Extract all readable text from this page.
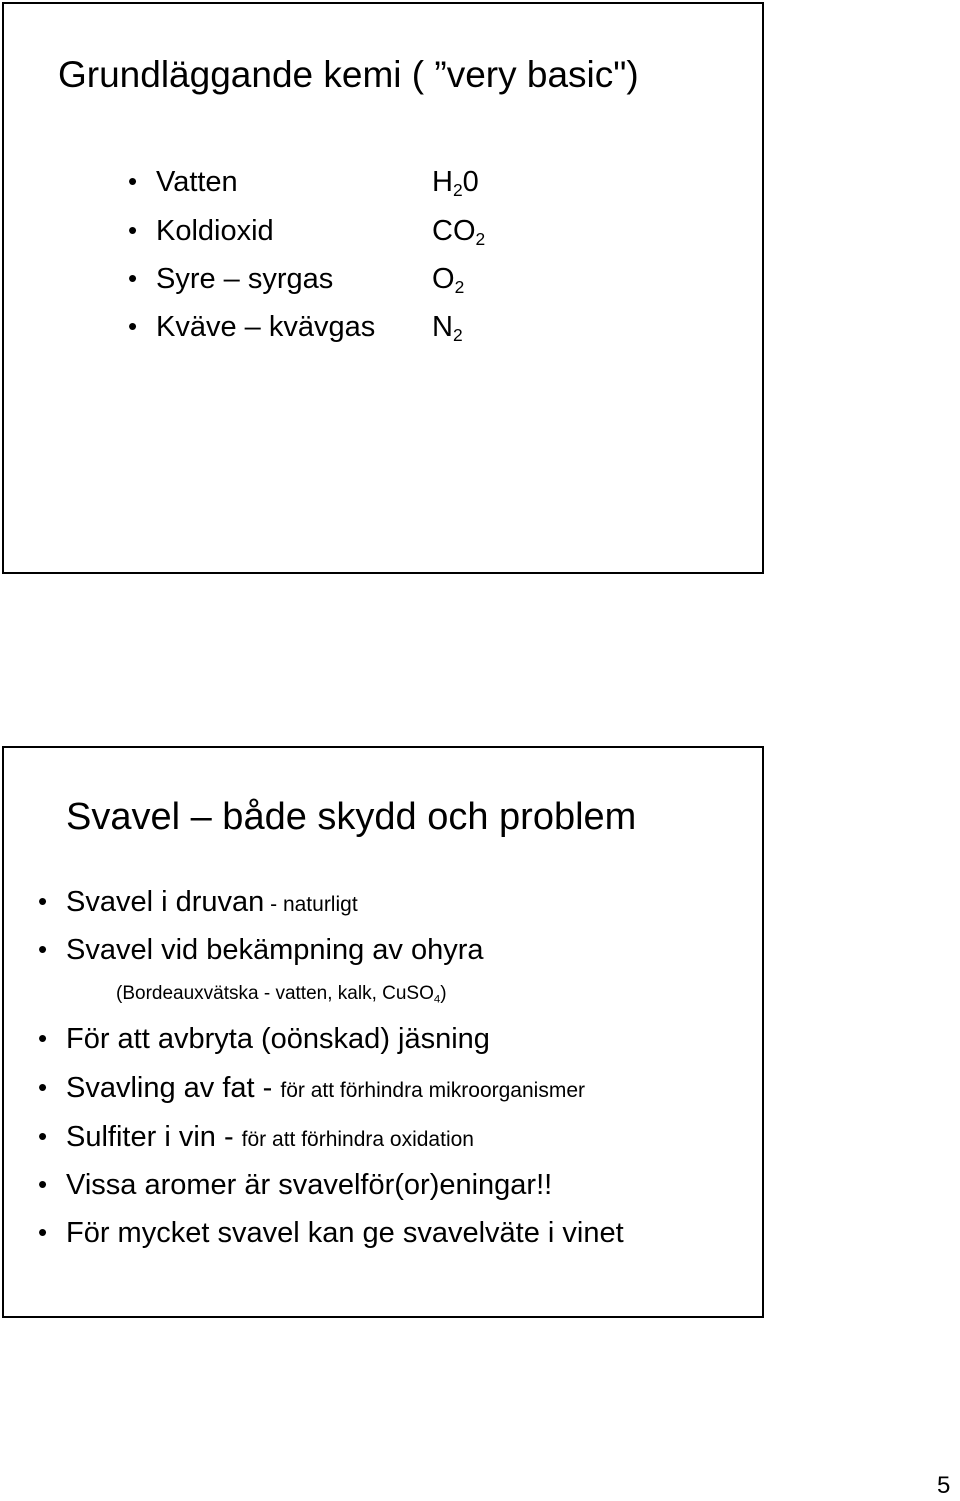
Grundläggande kemi ( ”very basic")
• Vatten	$H_20$
• Koldioxid	$CO_2$
• Syre – syrgas	$O_2$
• Kväve – kvävgas $N_2$
Svavel – både skydd och problem
• Svavel i druvan - naturligt
• Svavel vid bekämpning av ohyra
(Bordeauxvätska - vatten, kalk, CuSO$_4$)
• För att avbryta (oönskad) jäsning
• Svavling av fat - för att förhindra mikroorganismer
• Sulfiter i vin - för att förhindra oxidation
• Vissa aromer är svavelför(or)eningar!!
• För mycket svavel kan ge svavelväte i vinet
5
